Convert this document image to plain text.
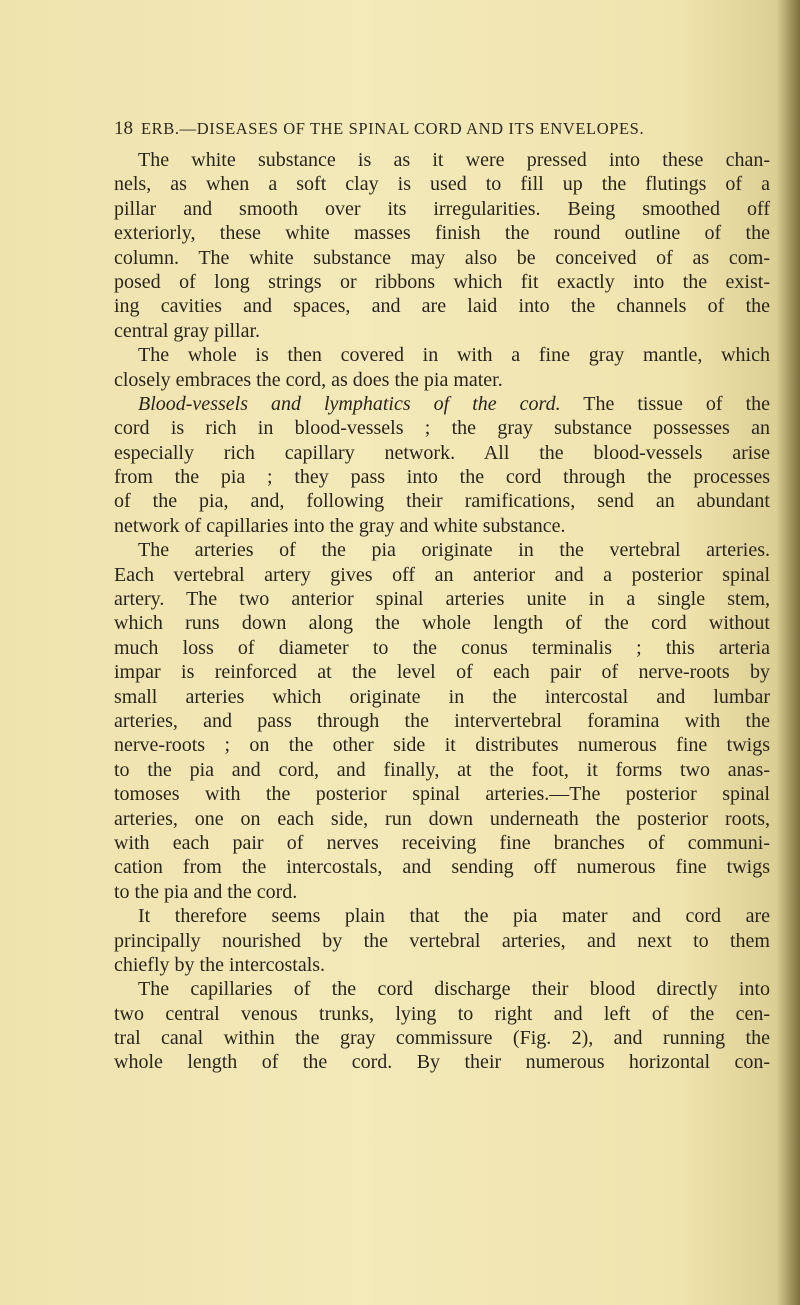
18 ERB.—DISEASES OF THE SPINAL CORD AND ITS ENVELOPES.
The white substance is as it were pressed into these chan-
nels, as when a soft clay is used to fill up the flutings of a
pillar and smooth over its irregularities. Being smoothed off
exteriorly, these white masses finish the round outline of the
column. The white substance may also be conceived of as com-
posed of long strings or ribbons which fit exactly into the exist-
ing cavities and spaces, and are laid into the channels of the
central gray pillar.
The whole is then covered in with a fine gray mantle, which
closely embraces the cord, as does the pia mater.
Blood-vessels and lymphatics of the cord. The tissue of the
cord is rich in blood-vessels ; the gray substance possesses an
especially rich capillary network. All the blood-vessels arise
from the pia ; they pass into the cord through the processes
of the pia, and, following their ramifications, send an abundant
network of capillaries into the gray and white substance.
The arteries of the pia originate in the vertebral arteries.
Each vertebral artery gives off an anterior and a posterior spinal
artery. The two anterior spinal arteries unite in a single stem,
which runs down along the whole length of the cord without
much loss of diameter to the conus terminalis ; this arteria
impar is reinforced at the level of each pair of nerve-roots by
small arteries which originate in the intercostal and lumbar
arteries, and pass through the intervertebral foramina with the
nerve-roots ; on the other side it distributes numerous fine twigs
to the pia and cord, and finally, at the foot, it forms two anas-
tomoses with the posterior spinal arteries.—The posterior spinal
arteries, one on each side, run down underneath the posterior roots,
with each pair of nerves receiving fine branches of communi-
cation from the intercostals, and sending off numerous fine twigs
to the pia and the cord.
It therefore seems plain that the pia mater and cord are
principally nourished by the vertebral arteries, and next to them
chiefly by the intercostals.
The capillaries of the cord discharge their blood directly into
two central venous trunks, lying to right and left of the cen-
tral canal within the gray commissure (Fig. 2), and running the
whole length of the cord. By their numerous horizontal con-
